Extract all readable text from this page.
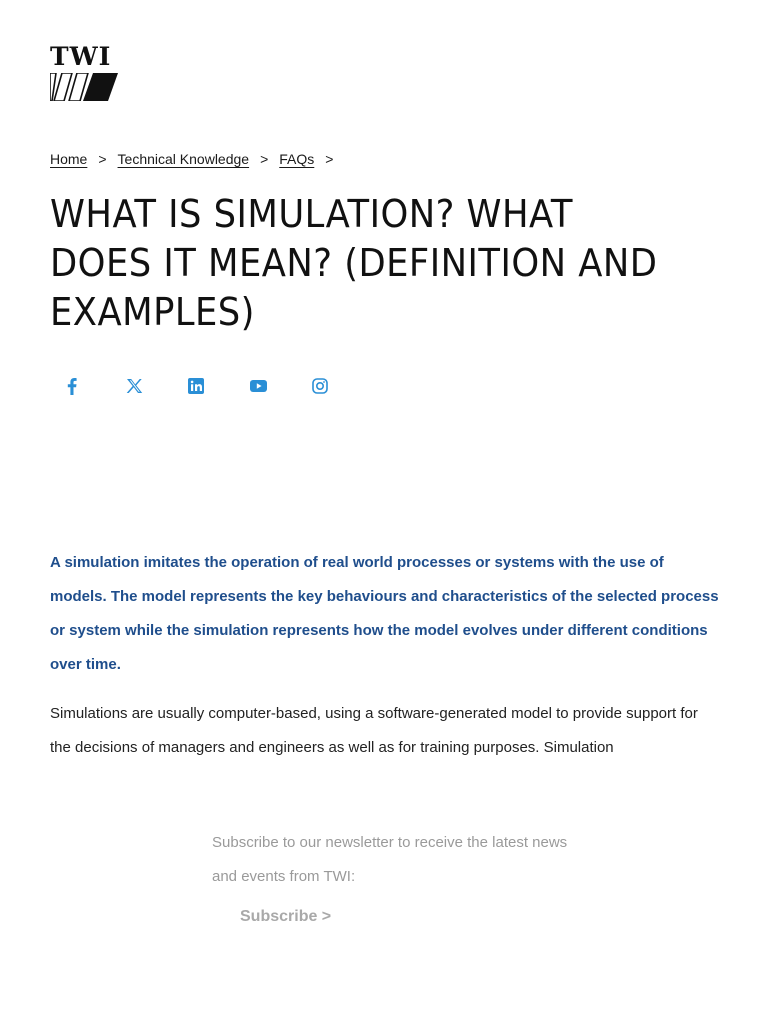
TWI
Home > Technical Knowledge > FAQs >
WHAT IS SIMULATION? WHAT DOES IT MEAN? (DEFINITION AND EXAMPLES)

A simulation imitates the operation of real world processes or systems with the use of models. The model represents the key behaviours and characteristics of the selected process or system while the simulation represents how the model evolves under different conditions over time.

Simulations are usually computer-based, using a software-generated model to provide support for the decisions of managers and engineers as well as for training purposes. Simulation

Subscribe to our newsletter to receive the latest news and events from TWI:

Subscribe >
